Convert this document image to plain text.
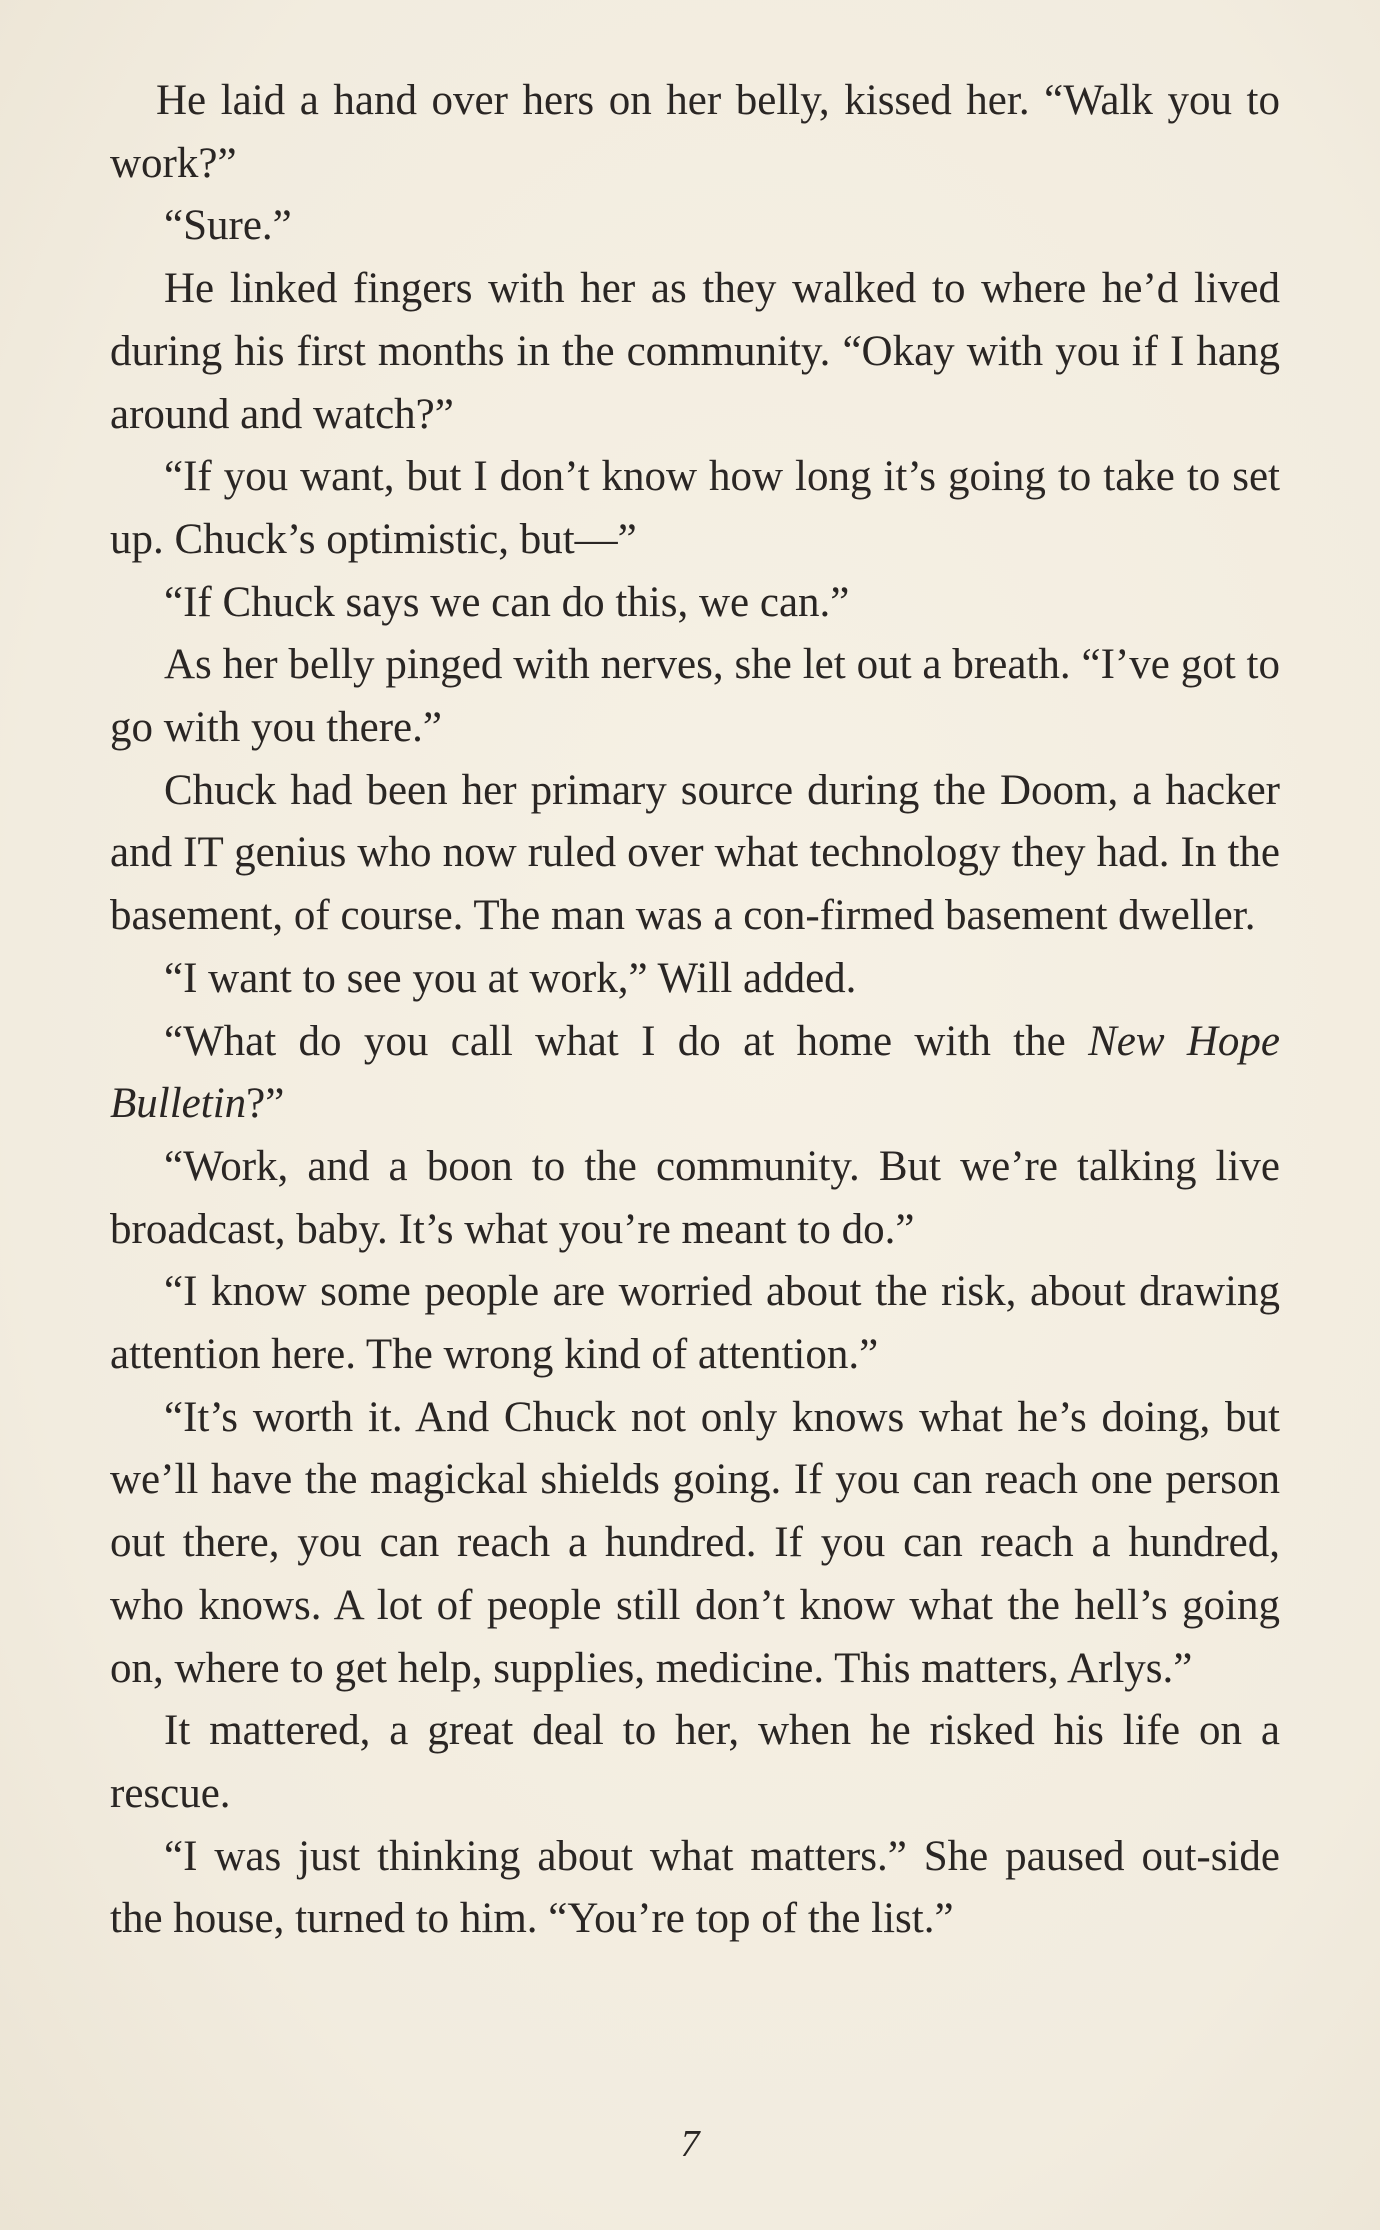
He laid a hand over hers on her belly, kissed her. “Walk you to work?”

“Sure.”

He linked fingers with her as they walked to where he’d lived during his first months in the community. “Okay with you if I hang around and watch?”

“If you want, but I don’t know how long it’s going to take to set up. Chuck’s optimistic, but—”

“If Chuck says we can do this, we can.”

As her belly pinged with nerves, she let out a breath. “I’ve got to go with you there.”

Chuck had been her primary source during the Doom, a hacker and IT genius who now ruled over what technology they had. In the basement, of course. The man was a con-firmed basement dweller.

“I want to see you at work,” Will added.

“What do you call what I do at home with the New Hope Bulletin?”

“Work, and a boon to the community. But we’re talking live broadcast, baby. It’s what you’re meant to do.”

“I know some people are worried about the risk, about drawing attention here. The wrong kind of attention.”

“It’s worth it. And Chuck not only knows what he’s doing, but we’ll have the magickal shields going. If you can reach one person out there, you can reach a hundred. If you can reach a hundred, who knows. A lot of people still don’t know what the hell’s going on, where to get help, supplies, medicine. This matters, Arlys.”

It mattered, a great deal to her, when he risked his life on a rescue.

“I was just thinking about what matters.” She paused out-side the house, turned to him. “You’re top of the list.”

7
